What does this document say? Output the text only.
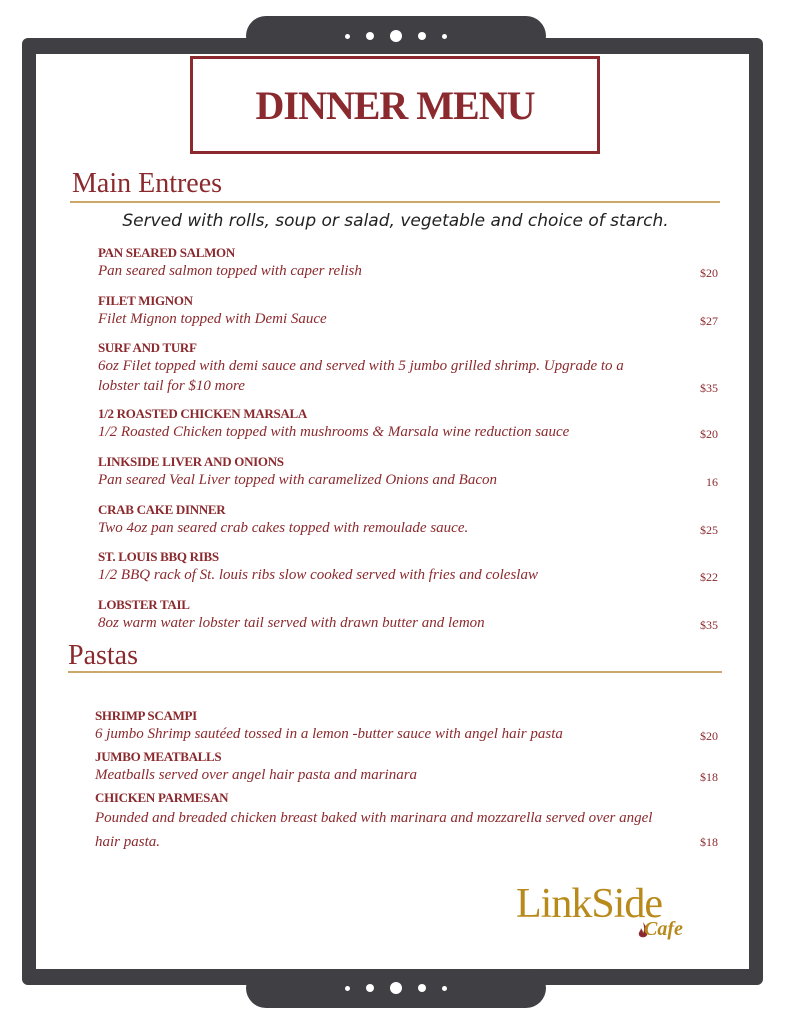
DINNER MENU
Main Entrees
Served with rolls, soup or salad, vegetable and choice of starch.
PAN SEARED SALMON
Pan seared salmon topped with caper relish	$20
FILET MIGNON
Filet Mignon topped with Demi Sauce	$27
SURF AND TURF
6oz Filet topped with demi sauce and served with 5 jumbo grilled shrimp. Upgrade to a lobster tail for $10 more	$35
1/2 ROASTED CHICKEN MARSALA
1/2 Roasted Chicken topped with mushrooms & Marsala wine reduction sauce	$20
LINKSIDE LIVER AND ONIONS
Pan seared Veal Liver topped with caramelized Onions and Bacon	16
CRAB CAKE DINNER
Two 4oz pan seared crab cakes topped with remoulade sauce.	$25
ST. LOUIS BBQ RIBS
1/2 BBQ rack of St. louis ribs slow cooked served with fries and coleslaw	$22
LOBSTER TAIL
8oz warm water lobster tail served with drawn butter and lemon	$35
Pastas
SHRIMP SCAMPI
6 jumbo Shrimp sautéed tossed in a lemon -butter sauce with angel hair pasta	$20
JUMBO MEATBALLS
Meatballs served over angel hair pasta and marinara	$18
CHICKEN PARMESAN
Pounded and breaded chicken breast baked with marinara and mozzarella served over angel hair pasta.	$18
LinkSide
Cafe
